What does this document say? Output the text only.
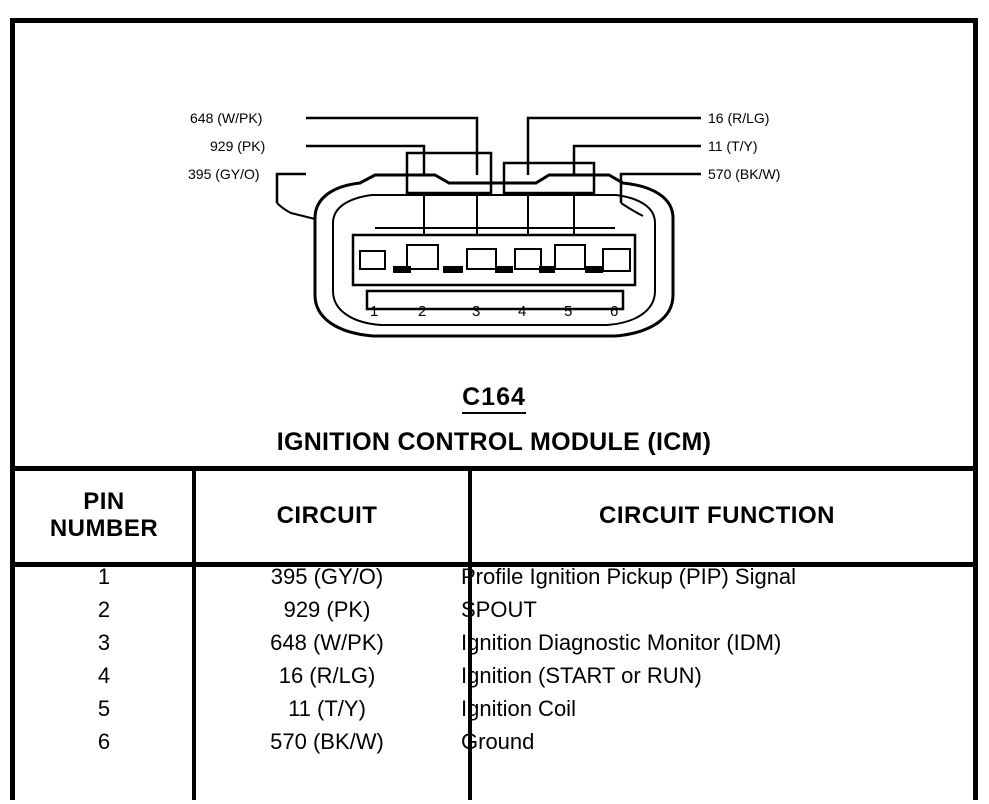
648 (W/PK)
929 (PK)
395 (GY/O)
16 (R/LG)
11 (T/Y)
570 (BK/W)
1	2	3	4	5	6
C164
IGNITION CONTROL MODULE (ICM)
PIN
NUMBER	CIRCUIT	CIRCUIT FUNCTION
1	395 (GY/O)	Profile Ignition Pickup (PIP) Signal
2	929 (PK)	SPOUT
3	648 (W/PK)	Ignition Diagnostic Monitor (IDM)
4	16 (R/LG)	Ignition (START or RUN)
5	11 (T/Y)	Ignition Coil
6	570 (BK/W)	Ground
